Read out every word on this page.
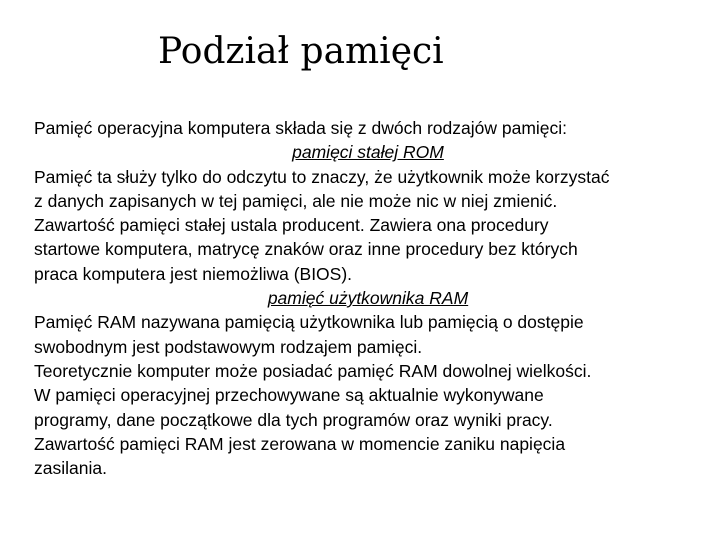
Podział pamięci

Pamięć operacyjna komputera składa się z dwóch rodzajów pamięci:

pamięci stałej ROM

Pamięć ta służy tylko do odczytu to znaczy, że użytkownik może korzystać

z danych zapisanych w tej pamięci, ale nie może nic w niej zmienić.

Zawartość pamięci stałej ustala producent. Zawiera ona procedury

startowe komputera, matrycę znaków oraz inne procedury bez których

praca komputera jest niemożliwa (BIOS).

pamięć użytkownika RAM

Pamięć RAM nazywana pamięcią użytkownika lub pamięcią o dostępie

swobodnym jest podstawowym rodzajem pamięci.

Teoretycznie komputer może posiadać pamięć RAM dowolnej wielkości.

W pamięci operacyjnej przechowywane są aktualnie wykonywane

programy, dane początkowe dla tych programów oraz wyniki pracy.

Zawartość pamięci RAM jest zerowana w momencie zaniku napięcia

zasilania.
